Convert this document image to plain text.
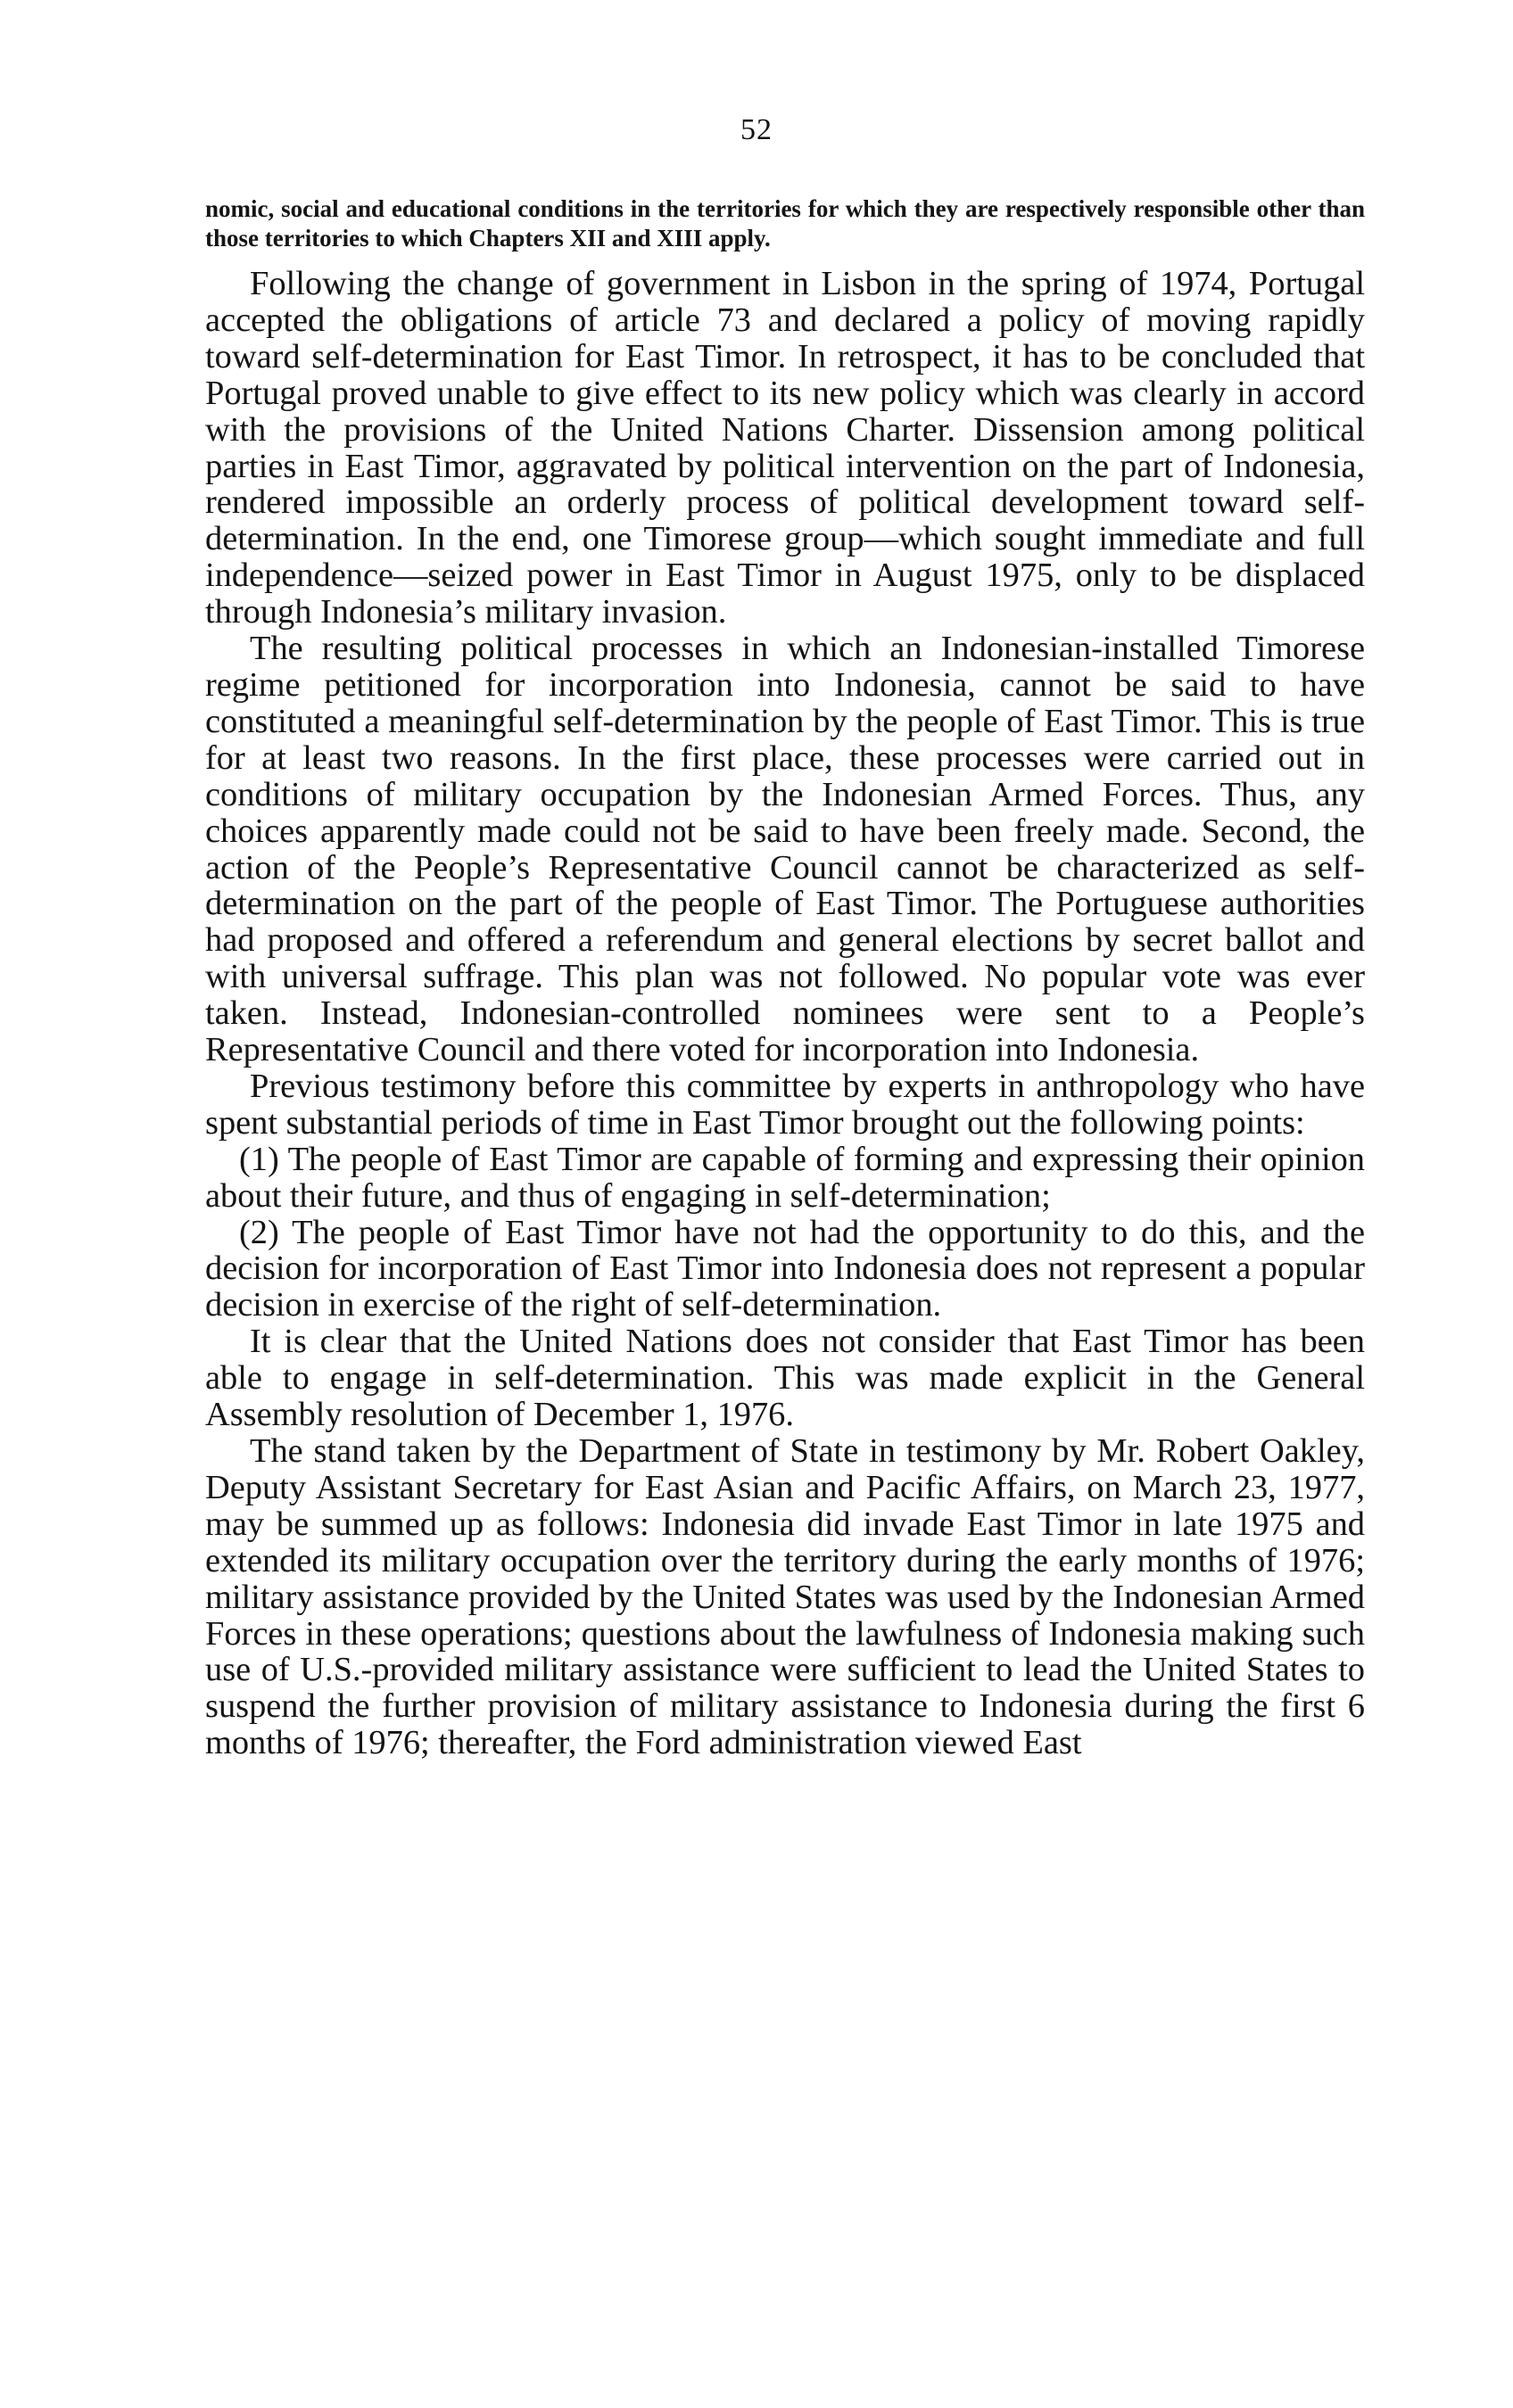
52

nomic, social and educational conditions in the territories for which they are respectively responsible other than those territories to which Chapters XII and XIII apply.

Following the change of government in Lisbon in the spring of 1974, Portugal accepted the obligations of article 73 and declared a policy of moving rapidly toward self-determination for East Timor. In retrospect, it has to be concluded that Portugal proved unable to give effect to its new policy which was clearly in accord with the provisions of the United Nations Charter. Dissension among political parties in East Timor, aggravated by political intervention on the part of Indonesia, rendered impossible an orderly process of political development toward self-determination. In the end, one Timorese group—which sought immediate and full independence—seized power in East Timor in August 1975, only to be displaced through Indonesia’s military invasion.

The resulting political processes in which an Indonesian-installed Timorese regime petitioned for incorporation into Indonesia, cannot be said to have constituted a meaningful self-determination by the people of East Timor. This is true for at least two reasons. In the first place, these processes were carried out in conditions of military occupation by the Indonesian Armed Forces. Thus, any choices apparently made could not be said to have been freely made. Second, the action of the People’s Representative Council cannot be characterized as self-determination on the part of the people of East Timor. The Portuguese authorities had proposed and offered a referendum and general elections by secret ballot and with universal suffrage. This plan was not followed. No popular vote was ever taken. Instead, Indonesian-controlled nominees were sent to a People’s Representative Council and there voted for incorporation into Indonesia.

Previous testimony before this committee by experts in anthropology who have spent substantial periods of time in East Timor brought out the following points:

(1) The people of East Timor are capable of forming and expressing their opinion about their future, and thus of engaging in self-determination;

(2) The people of East Timor have not had the opportunity to do this, and the decision for incorporation of East Timor into Indonesia does not represent a popular decision in exercise of the right of self-determination.

It is clear that the United Nations does not consider that East Timor has been able to engage in self-determination. This was made explicit in the General Assembly resolution of December 1, 1976.

The stand taken by the Department of State in testimony by Mr. Robert Oakley, Deputy Assistant Secretary for East Asian and Pacific Affairs, on March 23, 1977, may be summed up as follows: Indonesia did invade East Timor in late 1975 and extended its military occupation over the territory during the early months of 1976; military assistance provided by the United States was used by the Indonesian Armed Forces in these operations; questions about the lawfulness of Indonesia making such use of U.S.-provided military assistance were sufficient to lead the United States to suspend the further provision of military assistance to Indonesia during the first 6 months of 1976; thereafter, the Ford administration viewed East
